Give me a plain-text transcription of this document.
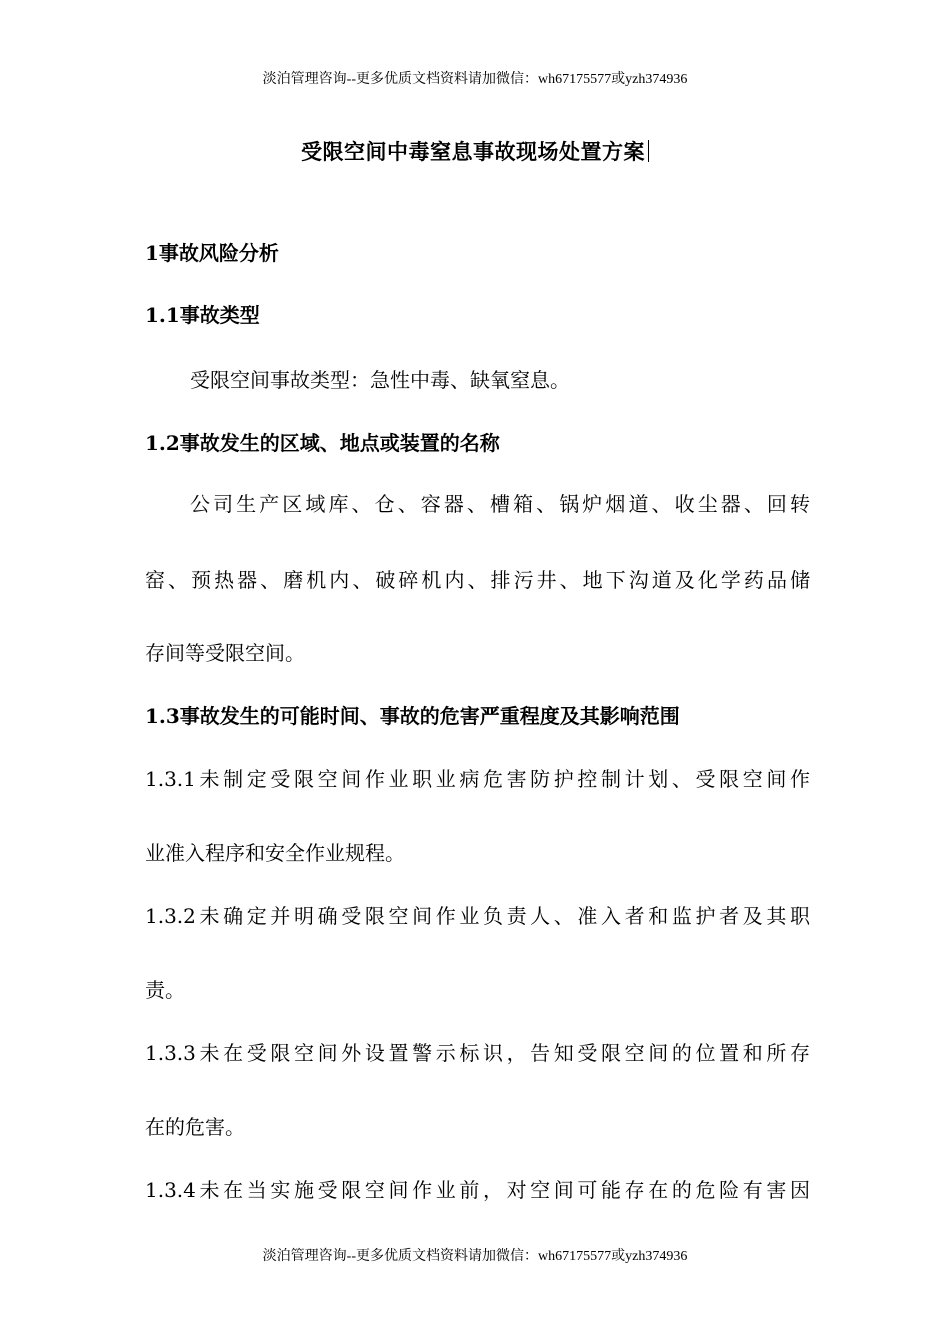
淡泊管理咨询--更多优质文档资料请加微信：wh67175577或yzh374936
受限空间中毒窒息事故现场处置方案
1事故风险分析
1.1事故类型
受限空间事故类型：急性中毒、缺氧窒息。
1.2事故发生的区域、地点或装置的名称
公司生产区域库、仓、容器、槽箱、锅炉烟道、收尘器、回转
窑、预热器、磨机内、破碎机内、排污井、地下沟道及化学药品储
存间等受限空间。
1.3事故发生的可能时间、事故的危害严重程度及其影响范围
1.3.1未制定受限空间作业职业病危害防护控制计划、受限空间作
业准入程序和安全作业规程。
1.3.2未确定并明确受限空间作业负责人、准入者和监护者及其职
责。
1.3.3未在受限空间外设置警示标识，告知受限空间的位置和所存
在的危害。
1.3.4未在当实施受限空间作业前，对空间可能存在的危险有害因
淡泊管理咨询--更多优质文档资料请加微信：wh67175577或yzh374936
